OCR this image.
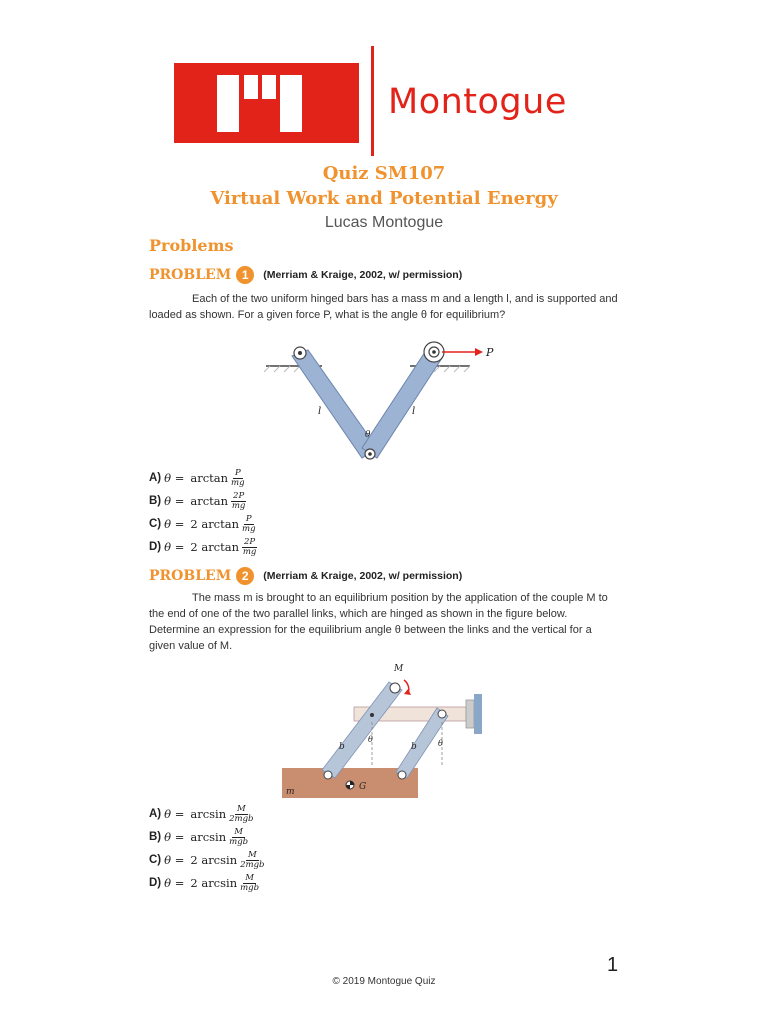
Montogue
Quiz SM107
Virtual Work and Potential Energy
Lucas Montogue
Problems
PROBLEM 1	(Merriam & Kraige, 2002, w/ permission)
Each of the two uniform hinged bars has a mass m and a length l, and is supported and loaded as shown. For a given force P, what is the angle θ for equilibrium?
P
l	l
θ
A) $\theta = \arctan \frac{P}{mg}$
B) $\theta = \arctan \frac{2P}{mg}$
C) θ = 2 $\arctan \frac{P}{mg}$
D) θ = 2 $\arctan \frac{2P}{mg}$
PROBLEM 2	(Merriam & Kraige, 2002, w/ permission)
The mass m is brought to an equilibrium position by the application of the couple M to the end of one of the two parallel links, which are hinged as shown in the figure below. Determine an expression for the equilibrium angle θ between the links and the vertical for a given value of M.
M
b	b
θ	θ
G
m
A) $\theta = \arcsin \frac{M}{\text{2mgb}}$
B) $\theta = \arcsin \frac{M}{\text{mgb}}$
C) θ = 2 $\arcsin \frac{M}{\text{2mgb}}$
D) θ = 2 $\arcsin \frac{M}{\text{mgb}}$
1
© 2019 Montogue Quiz
